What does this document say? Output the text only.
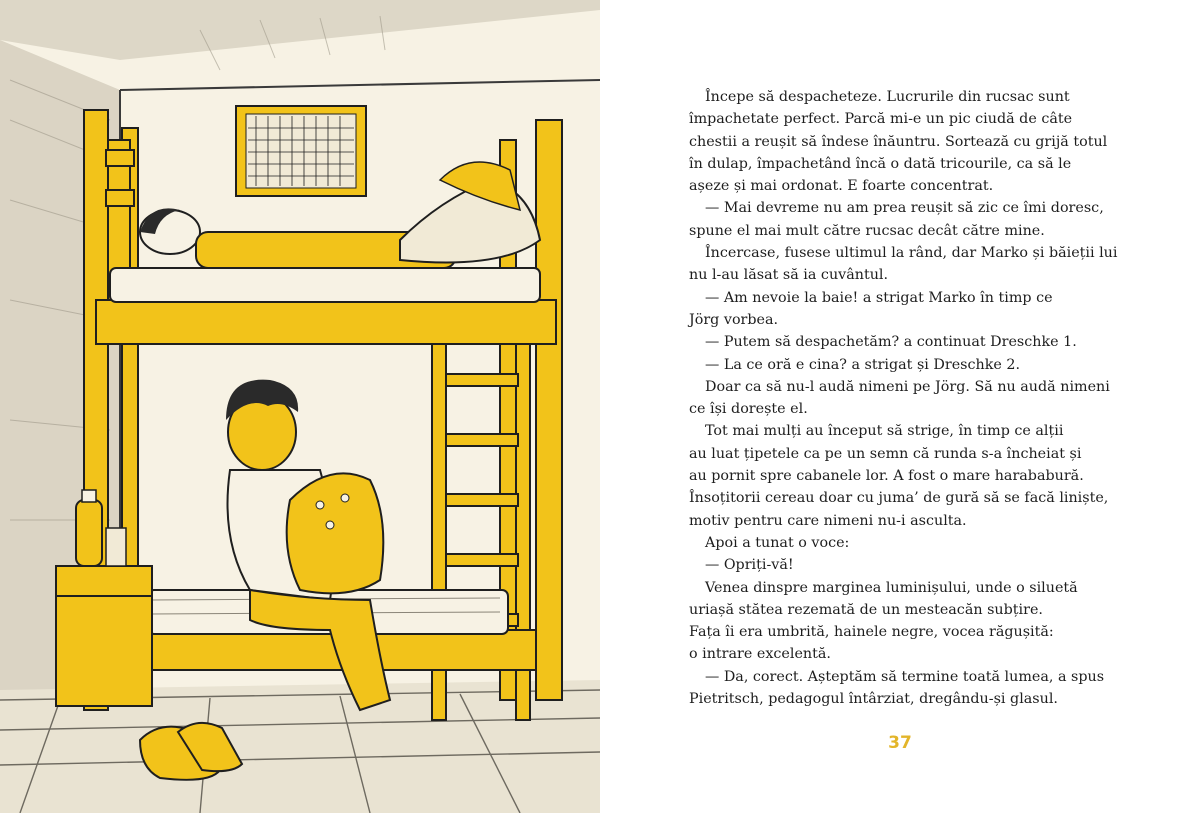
Începe să despacheteze. Lucrurile din rucsac sunt
împachetate perfect. Parcă mi-e un pic ciudă de câte
chestii a reușit să îndese înăuntru. Sortează cu grijă totul
în dulap, împachetând încă o dată tricourile, ca să le
așeze și mai ordonat. E foarte concentrat.
— Mai devreme nu am prea reușit să zic ce îmi doresc,
spune el mai mult către rucsac decât către mine.
Încercase, fusese ultimul la rând, dar Marko și băieții lui
nu l-au lăsat să ia cuvântul.
— Am nevoie la baie! a strigat Marko în timp ce
Jörg vorbea.
— Putem să despachetăm? a continuat Dreschke 1.
— La ce oră e cina? a strigat și Dreschke 2.
Doar ca să nu-l audă nimeni pe Jörg. Să nu audă nimeni
ce își dorește el.
Tot mai mulți au început să strige, în timp ce alții
au luat țipetele ca pe un semn că runda s-a încheiat și
au pornit spre cabanele lor. A fost o mare harababură.
Însoțitorii cereau doar cu juma’ de gură să se facă liniște,
motiv pentru care nimeni nu-i asculta.
Apoi a tunat o voce:
— Opriți-vă!
Venea dinspre marginea luminișului, unde o siluetă
uriașă stătea rezemată de un mesteacăn subțire.
Fața îi era umbrită, hainele negre, vocea răgușită:
o intrare excelentă.
— Da, corect. Așteptăm să termine toată lumea, a spus
Pietritsch, pedagogul întârziat, dregându-și glasul.
37
